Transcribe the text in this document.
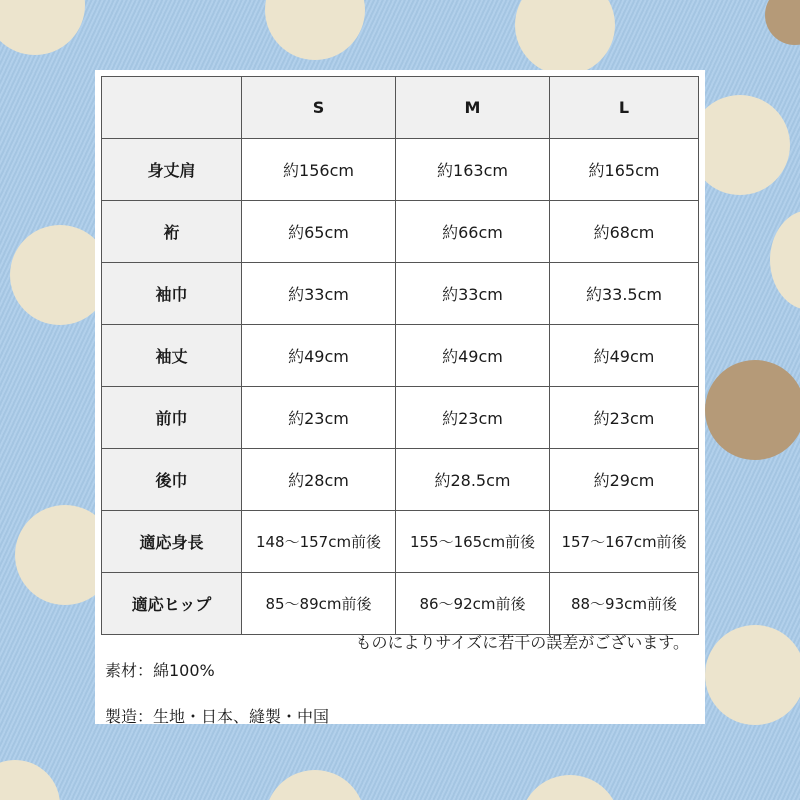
	S	M	L
身丈肩	約156cm	約163cm	約165cm
裄	約65cm	約66cm	約68cm
袖巾	約33cm	約33cm	約33.5cm
袖丈	約49cm	約49cm	約49cm
前巾	約23cm	約23cm	約23cm
後巾	約28cm	約28.5cm	約29cm
適応身長	148〜157cm前後	155〜165cm前後	157〜167cm前後
適応ヒップ	85〜89cm前後	86〜92cm前後	88〜93cm前後
ものによりサイズに若干の誤差がございます。
素材：綿100%
製造：生地・日本、縫製・中国
